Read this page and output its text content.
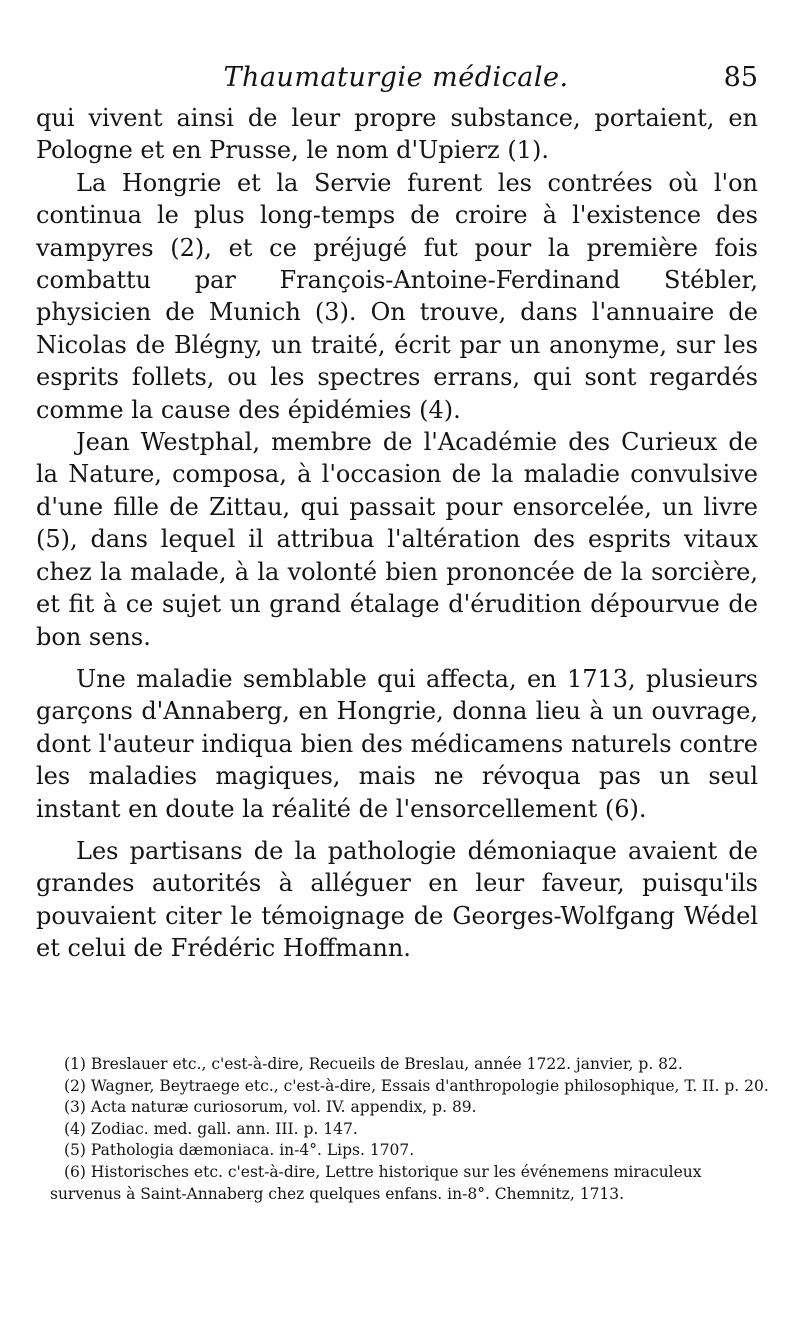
Thaumaturgie médicale.	85

qui vivent ainsi de leur propre substance, portaient, en Pologne et en Prusse, le nom d'Upierz (1).

La Hongrie et la Servie furent les contrées où l'on continua le plus long-temps de croire à l'existence des vampyres (2), et ce préjugé fut pour la première fois combattu par François-Antoine-Ferdinand Stébler, physicien de Munich (3). On trouve, dans l'annuaire de Nicolas de Blégny, un traité, écrit par un anonyme, sur les esprits follets, ou les spectres errans, qui sont regardés comme la cause des épidémies (4).

Jean Westphal, membre de l'Académie des Curieux de la Nature, composa, à l'occasion de la maladie convulsive d'une fille de Zittau, qui passait pour ensorcelée, un livre (5), dans lequel il attribua l'altération des esprits vitaux chez la malade, à la volonté bien prononcée de la sorcière, et fit à ce sujet un grand étalage d'érudition dépourvue de bon sens.

Une maladie semblable qui affecta, en 1713, plusieurs garçons d'Annaberg, en Hongrie, donna lieu à un ouvrage, dont l'auteur indiqua bien des médicamens naturels contre les maladies magiques, mais ne révoqua pas un seul instant en doute la réalité de l'ensorcellement (6).

Les partisans de la pathologie démoniaque avaient de grandes autorités à alléguer en leur faveur, puisqu'ils pouvaient citer le témoignage de Georges-Wolfgang Wédel et celui de Frédéric Hoffmann.

(1) Breslauer etc., c'est-à-dire, Recueils de Breslau, année 1722. janvier, p. 82.

(2) Wagner, Beytraege etc., c'est-à-dire, Essais d'anthropologie philosophique, T. II. p. 20.

(3) Acta naturæ curiosorum, vol. IV. appendix, p. 89.

(4) Zodiac. med. gall. ann. III. p. 147.

(5) Pathologia dæmoniaca. in-4°. Lips. 1707.

(6) Historisches etc. c'est-à-dire, Lettre historique sur les événemens miraculeux survenus à Saint-Annaberg chez quelques enfans. in-8°. Chemnitz, 1713.
